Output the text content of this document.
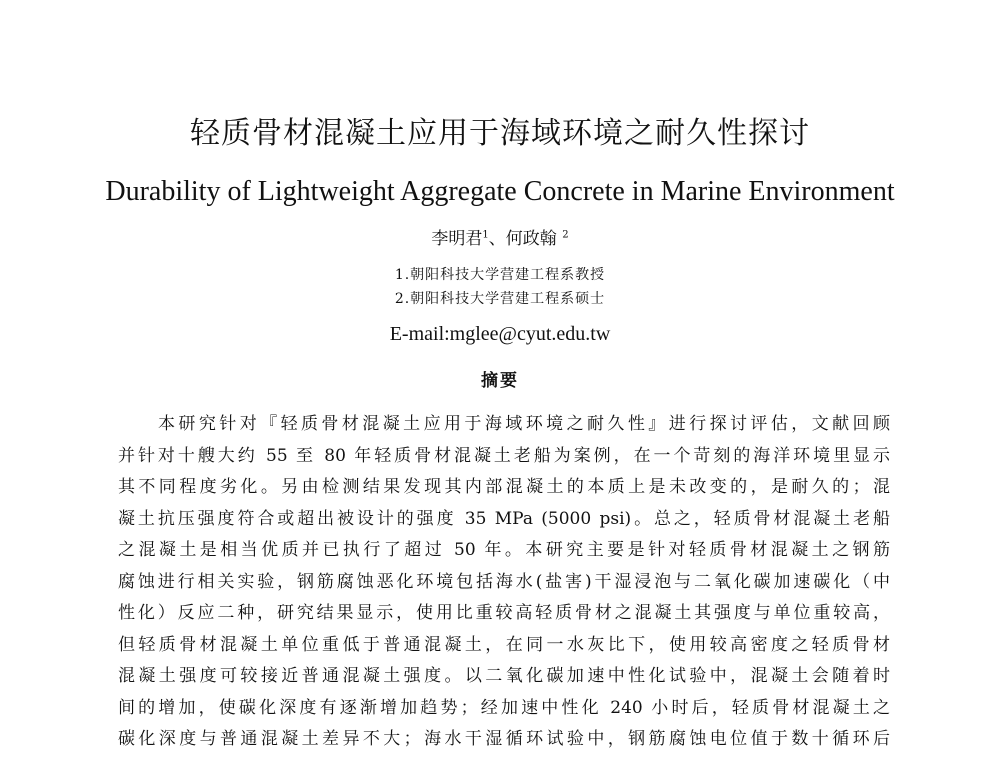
轻质骨材混凝土应用于海域环境之耐久性探讨
Durability of Lightweight Aggregate Concrete in Marine Environment
李明君$^1$、何政翰 $^2$
1.朝阳科技大学营建工程系教授
2.朝阳科技大学营建工程系硕士
E-mail:mglee@cyut.edu.tw
摘要
本研究针对『轻质骨材混凝土应用于海域环境之耐久性』进行探讨评估，文献回顾
并针对十艘大约 55 至 80 年轻质骨材混凝土老船为案例，在一个苛刻的海洋环境里显示
其不同程度劣化。另由检测结果发现其内部混凝土的本质上是未改变的，是耐久的；混
凝土抗压强度符合或超出被设计的强度 35 MPa (5000 psi)。总之，轻质骨材混凝土老船
之混凝土是相当优质并已执行了超过 50 年。本研究主要是针对轻质骨材混凝土之钢筋
腐蚀进行相关实验，钢筋腐蚀恶化环境包括海水(盐害)干湿浸泡与二氧化碳加速碳化（中
性化）反应二种，研究结果显示，使用比重较高轻质骨材之混凝土其强度与单位重较高，
但轻质骨材混凝土单位重低于普通混凝土，在同一水灰比下，使用较高密度之轻质骨材
混凝土强度可较接近普通混凝土强度。以二氧化碳加速中性化试验中，混凝土会随着时
间的增加，使碳化深度有逐渐增加趋势；经加速中性化 240 小时后，轻质骨材混凝土之
碳化深度与普通混凝土差异不大；海水干湿循环试验中，钢筋腐蚀电位值于数十循环后
